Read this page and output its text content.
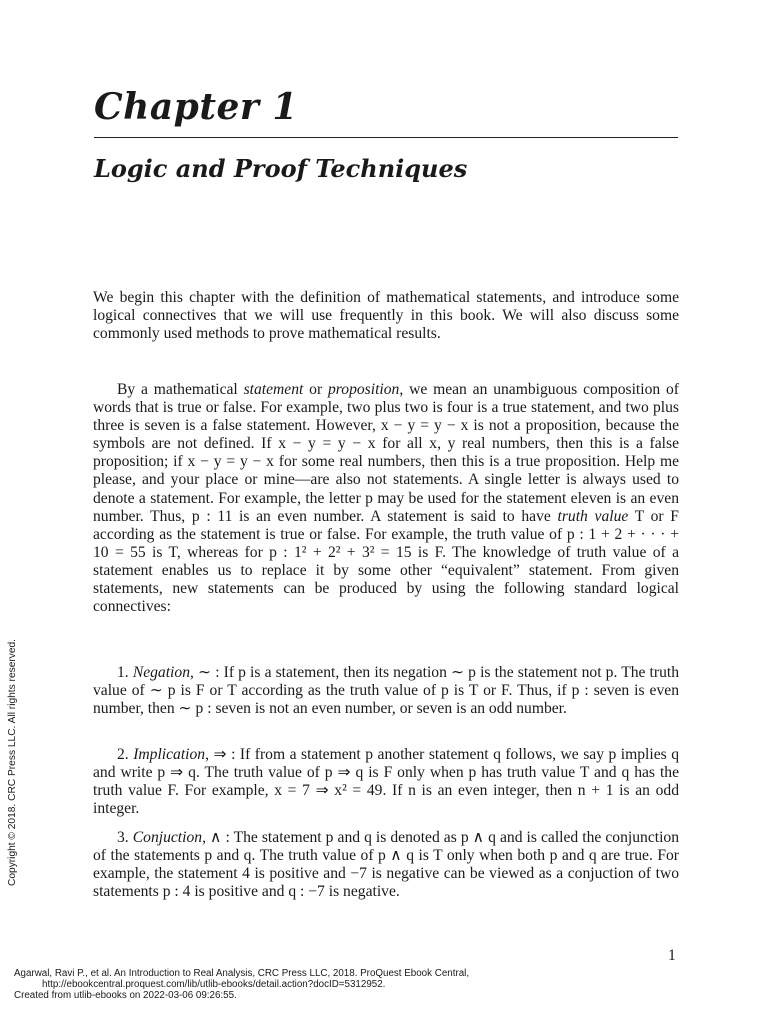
Chapter 1
Logic and Proof Techniques

We begin this chapter with the definition of mathematical statements, and introduce some logical connectives that we will use frequently in this book. We will also discuss some commonly used methods to prove mathematical results.

By a mathematical statement or proposition, we mean an unambiguous composition of words that is true or false. For example, two plus two is four is a true statement, and two plus three is seven is a false statement. However, x − y = y − x is not a proposition, because the symbols are not defined. If x − y = y − x for all x, y real numbers, then this is a false proposition; if x − y = y − x for some real numbers, then this is a true proposition. Help me please, and your place or mine—are also not statements. A single letter is always used to denote a statement. For example, the letter p may be used for the statement eleven is an even number. Thus, p : 11 is an even number. A statement is said to have truth value T or F according as the statement is true or false. For example, the truth value of p : 1 + 2 + · · · + 10 = 55 is T, whereas for p : 1² + 2² + 3² = 15 is F. The knowledge of truth value of a statement enables us to replace it by some other “equivalent” statement. From given statements, new statements can be produced by using the following standard logical connectives:

1. Negation, ∼ : If p is a statement, then its negation ∼ p is the statement not p. The truth value of ∼ p is F or T according as the truth value of p is T or F. Thus, if p : seven is even number, then ∼ p : seven is not an even number, or seven is an odd number.

2. Implication, ⇒ : If from a statement p another statement q follows, we say p implies q and write p ⇒ q. The truth value of p ⇒ q is F only when p has truth value T and q has the truth value F. For example, x = 7 ⇒ x² = 49. If n is an even integer, then n + 1 is an odd integer.

3. Conjuction, ∧ : The statement p and q is denoted as p ∧ q and is called the conjunction of the statements p and q. The truth value of p ∧ q is T only when both p and q are true. For example, the statement 4 is positive and −7 is negative can be viewed as a conjuction of two statements p : 4 is positive and q : −7 is negative.

Copyright © 2018. CRC Press LLC. All rights reserved.
1
Agarwal, Ravi P., et al. An Introduction to Real Analysis, CRC Press LLC, 2018. ProQuest Ebook Central,
http://ebookcentral.proquest.com/lib/utlib-ebooks/detail.action?docID=5312952.
Created from utlib-ebooks on 2022-03-06 09:26:55.
